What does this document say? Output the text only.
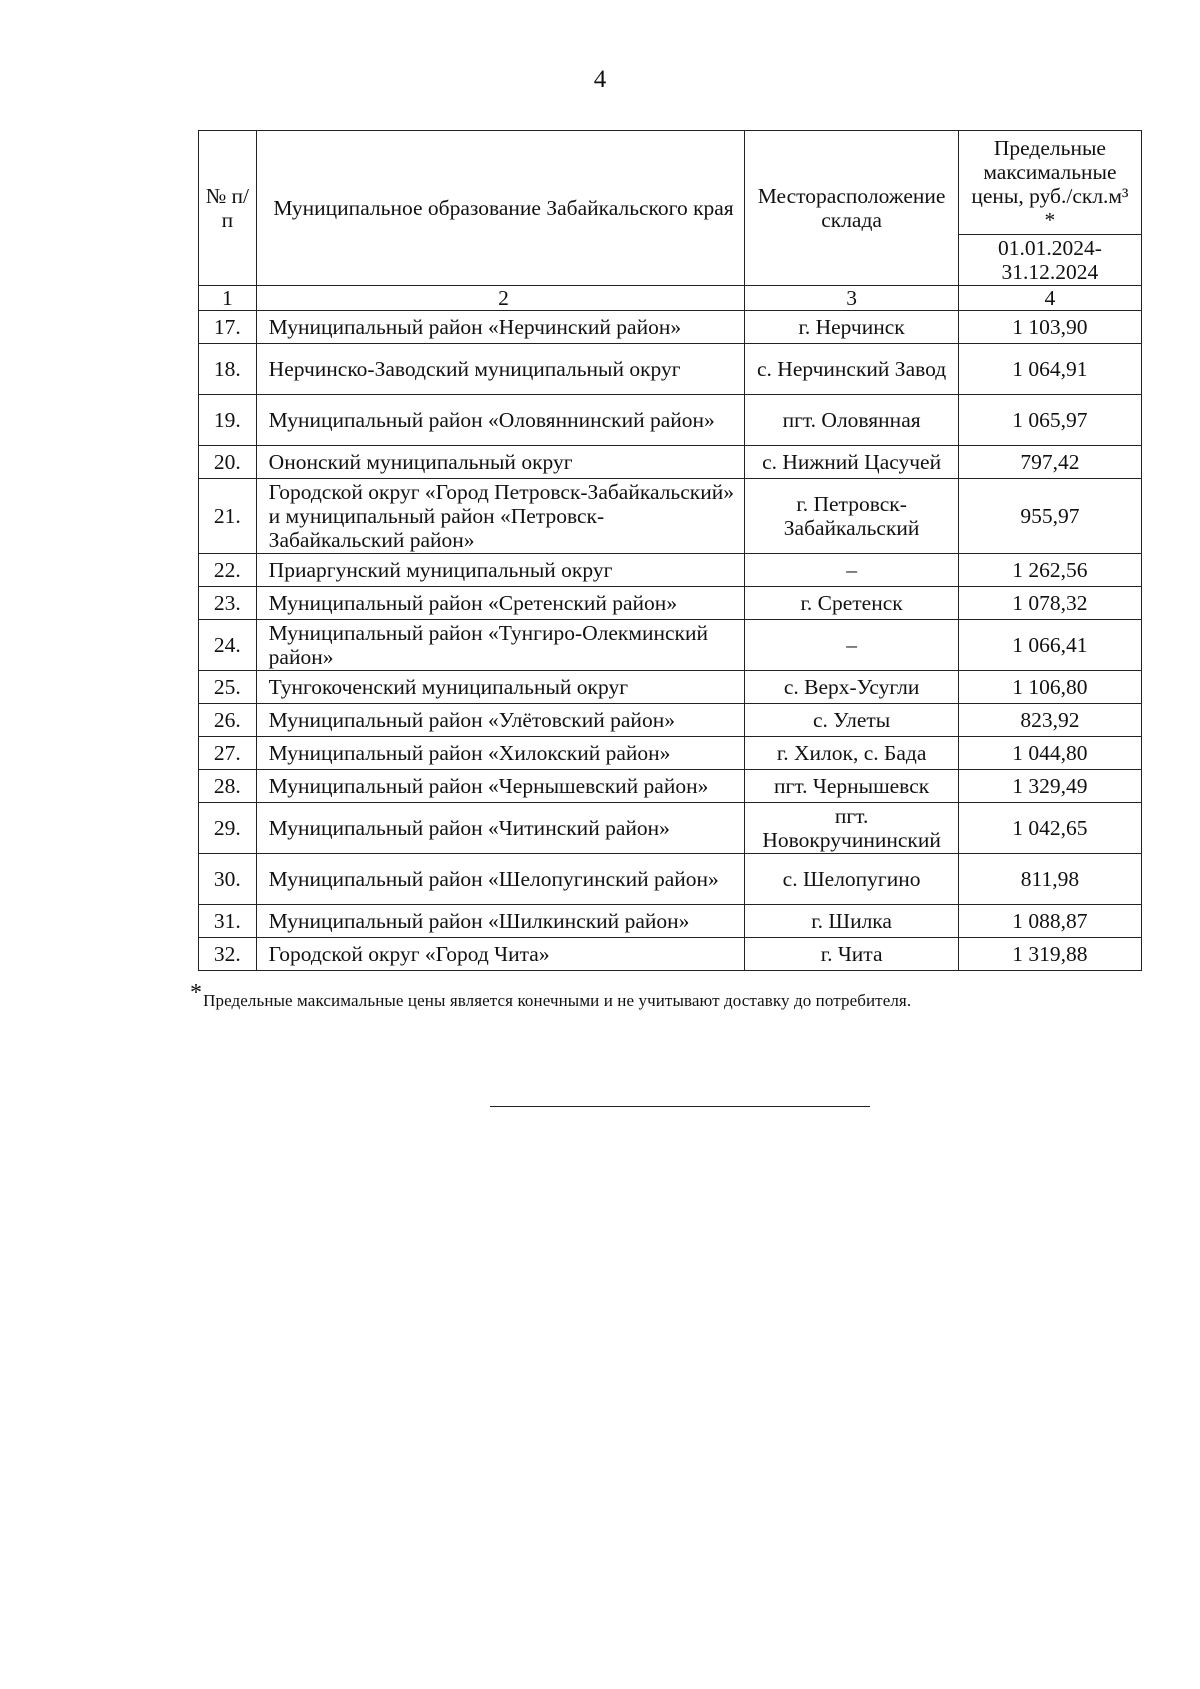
4
№ п/п	Муниципальное образование Забайкальского края	Месторасположение склада	Предельные максимальные цены, руб./скл.м³ *
			01.01.2024- 31.12.2024
1	2	3	4
17.	Муниципальный район «Нерчинский район»	г. Нерчинск	1 103,90
18.	Нерчинско-Заводский муниципальный округ	с. Нерчинский Завод	1 064,91
19.	Муниципальный район «Оловяннинский район»	пгт. Оловянная	1 065,97
20.	Ононский муниципальный округ	с. Нижний Цасучей	797,42
21.	Городской округ «Город Петровск-Забайкальский» и муниципальный район «Петровск-Забайкальский район»	г. Петровск-Забайкальский	955,97
22.	Приаргунский муниципальный округ	–	1 262,56
23.	Муниципальный район «Сретенский район»	г. Сретенск	1 078,32
24.	Муниципальный район «Тунгиро-Олекминский район»	–	1 066,41
25.	Тунгокоченский муниципальный округ	с. Верх-Усугли	1 106,80
26.	Муниципальный район «Улётовский район»	с. Улеты	823,92
27.	Муниципальный район «Хилокский район»	г. Хилок, с. Бада	1 044,80
28.	Муниципальный район «Чернышевский район»	пгт. Чернышевск	1 329,49
29.	Муниципальный район «Читинский район»	пгт. Новокручининский	1 042,65
30.	Муниципальный район «Шелопугинский район»	с. Шелопугино	811,98
31.	Муниципальный район «Шилкинский район»	г. Шилка	1 088,87
32.	Городской округ «Город Чита»	г. Чита	1 319,88
*Предельные максимальные цены является конечными и не учитывают доставку до потребителя.
